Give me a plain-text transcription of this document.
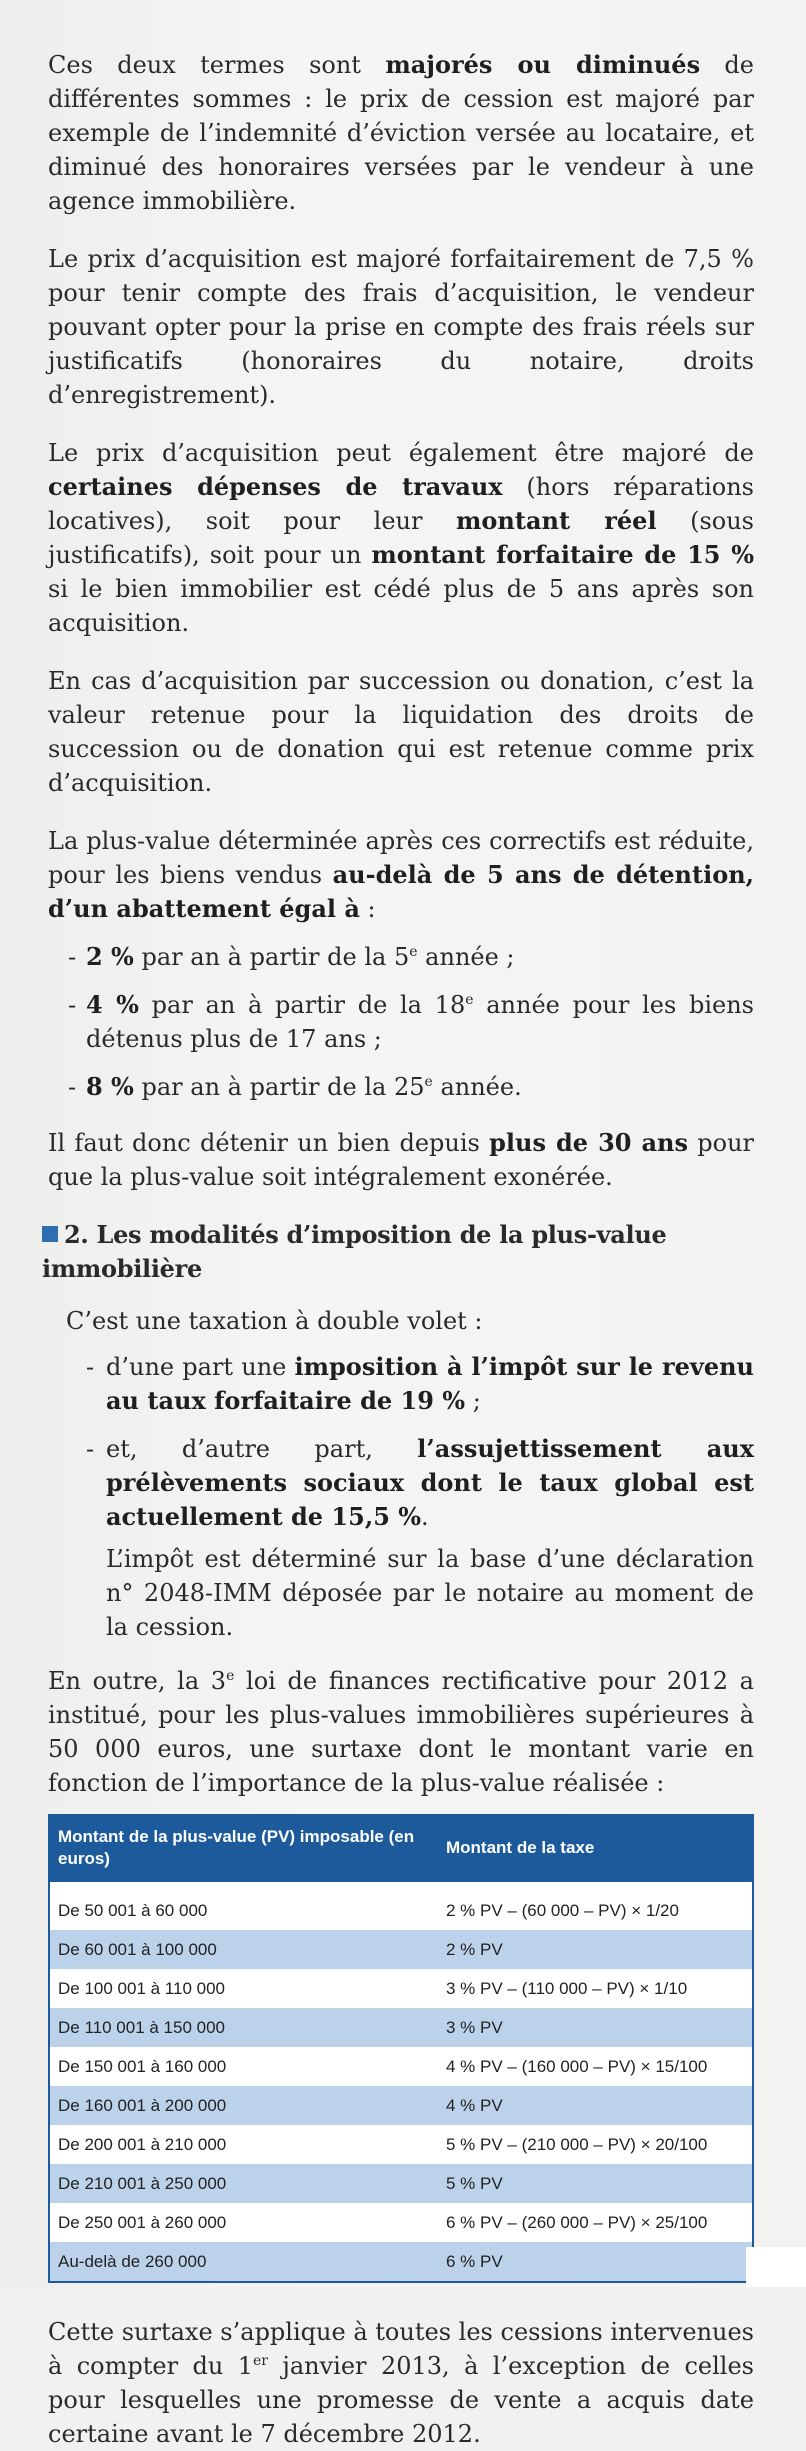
Ces deux termes sont majorés ou diminués de différentes sommes : le prix de cession est majoré par exemple de l’indemnité d’éviction versée au locataire, et diminué des honoraires versées par le vendeur à une agence immobilière.

Le prix d’acquisition est majoré forfaitairement de 7,5 % pour tenir compte des frais d’acquisition, le vendeur pouvant opter pour la prise en compte des frais réels sur justificatifs (honoraires du notaire, droits d’enregistrement).

Le prix d’acquisition peut également être majoré de certaines dépenses de travaux (hors réparations locatives), soit pour leur montant réel (sous justificatifs), soit pour un montant forfaitaire de 15 % si le bien immobilier est cédé plus de 5 ans après son acquisition.

En cas d’acquisition par succession ou donation, c’est la valeur retenue pour la liquidation des droits de succession ou de donation qui est retenue comme prix d’acquisition.

La plus-value déterminée après ces correctifs est réduite, pour les biens vendus au-delà de 5 ans de détention, d’un abattement égal à :

- 2 % par an à partir de la 5e année ;
- 4 % par an à partir de la 18e année pour les biens détenus plus de 17 ans ;
- 8 % par an à partir de la 25e année.

Il faut donc détenir un bien depuis plus de 30 ans pour que la plus-value soit intégralement exonérée.

2. Les modalités d’imposition de la plus-value immobilière

C’est une taxation à double volet :

- d’une part une imposition à l’impôt sur le revenu au taux forfaitaire de 19 % ;
- et, d’autre part, l’assujettissement aux prélèvements sociaux dont le taux global est actuellement de 15,5 %.
L’impôt est déterminé sur la base d’une déclaration n° 2048-IMM déposée par le notaire au moment de la cession.

En outre, la 3e loi de finances rectificative pour 2012 a institué, pour les plus-values immobilières supérieures à 50 000 euros, une surtaxe dont le montant varie en fonction de l’importance de la plus-value réalisée :

Montant de la plus-value (PV) imposable (en euros)	Montant de la taxe
De 50 001 à 60 000	2 % PV – (60 000 – PV) × 1/20
De 60 001 à 100 000	2 % PV
De 100 001 à 110 000	3 % PV – (110 000 – PV) × 1/10
De 110 001 à 150 000	3 % PV
De 150 001 à 160 000	4 % PV – (160 000 – PV) × 15/100
De 160 001 à 200 000	4 % PV
De 200 001 à 210 000	5 % PV – (210 000 – PV) × 20/100
De 210 001 à 250 000	5 % PV
De 250 001 à 260 000	6 % PV – (260 000 – PV) × 25/100
Au-delà de 260 000	6 % PV

Cette surtaxe s’applique à toutes les cessions intervenues à compter du 1er janvier 2013, à l’exception de celles pour lesquelles une promesse de vente a acquis date certaine avant le 7 décembre 2012.
